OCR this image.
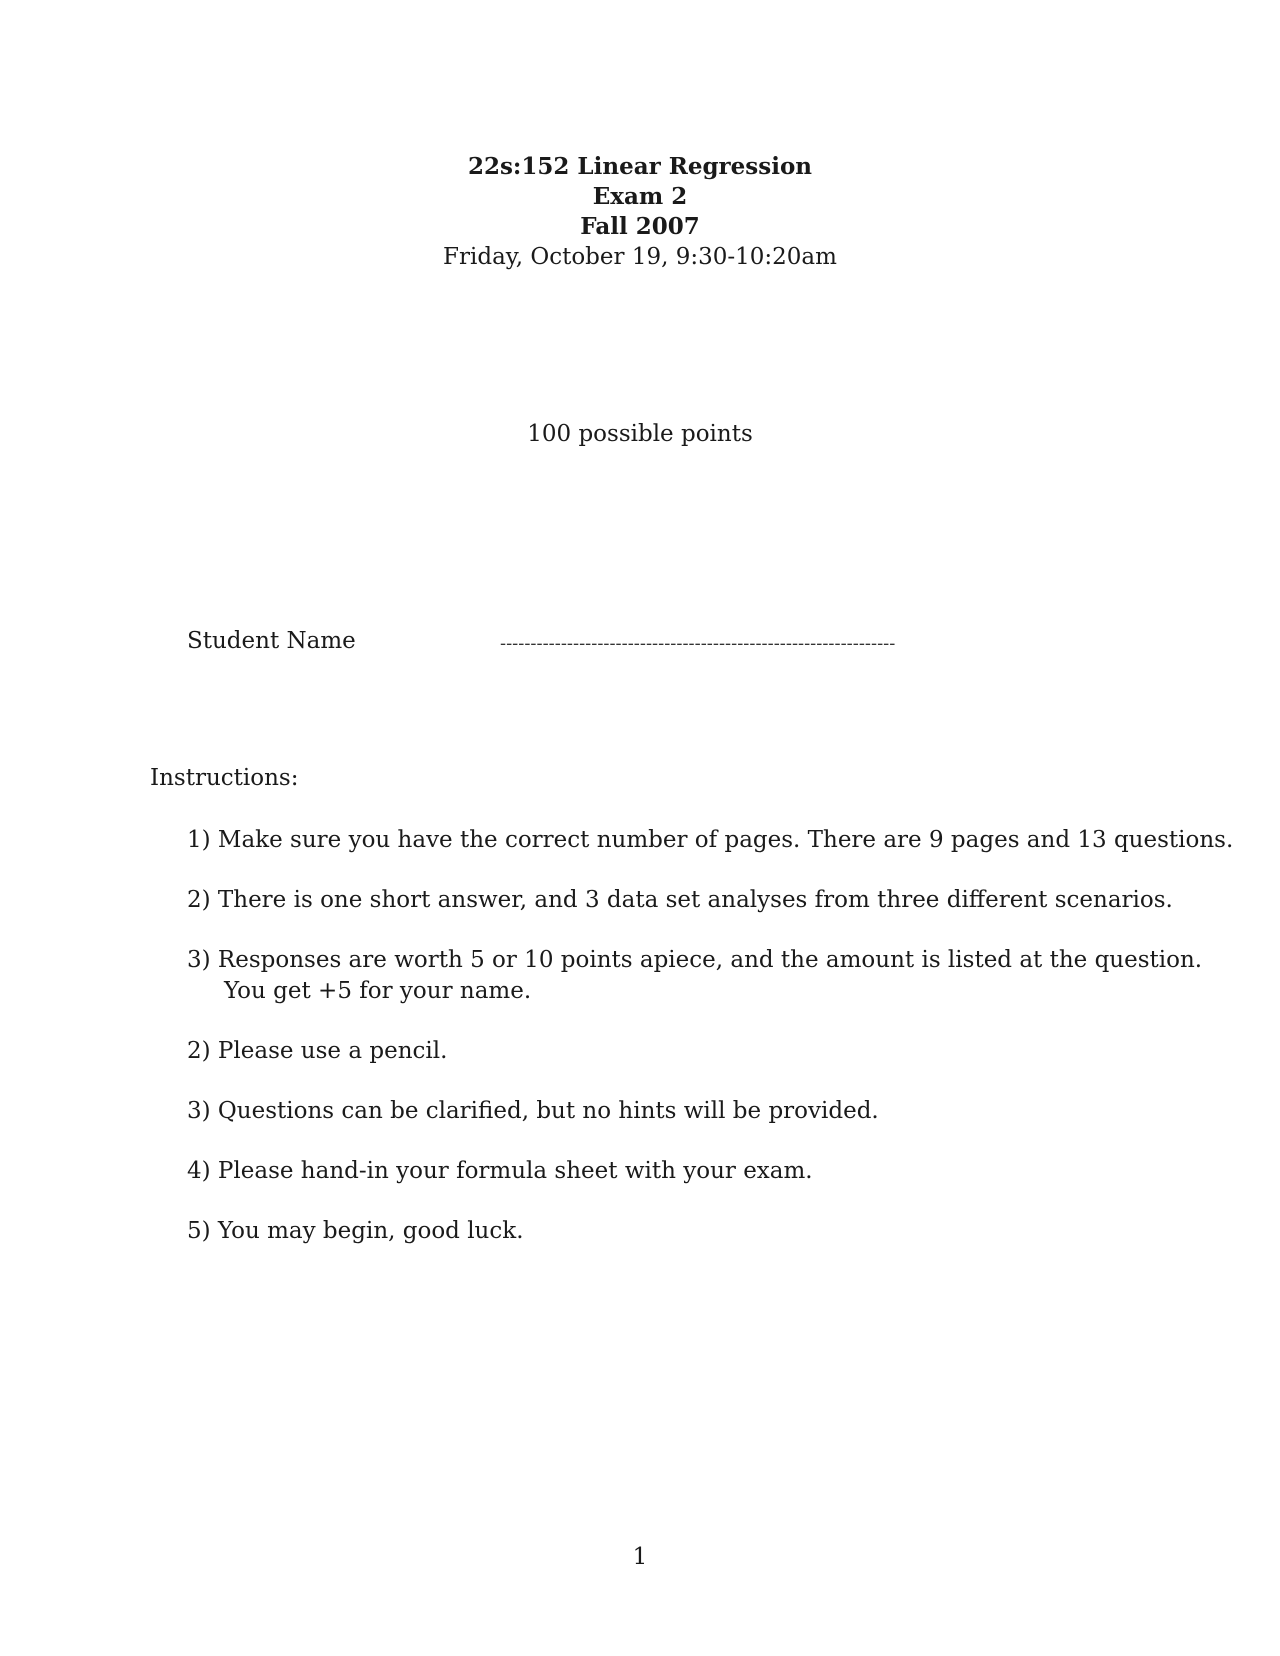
22s:152 Linear Regression
Exam 2
Fall 2007
Friday, October 19, 9:30-10:20am
100 possible points
Student Name	-----------------------------------------------------------------
Instructions:
1) Make sure you have the correct number of pages. There are 9 pages and 13 questions.
2) There is one short answer, and 3 data set analyses from three different scenarios.
3) Responses are worth 5 or 10 points apiece, and the amount is listed at the question.
You get +5 for your name.
2) Please use a pencil.
3) Questions can be clarified, but no hints will be provided.
4) Please hand-in your formula sheet with your exam.
5) You may begin, good luck.
1
